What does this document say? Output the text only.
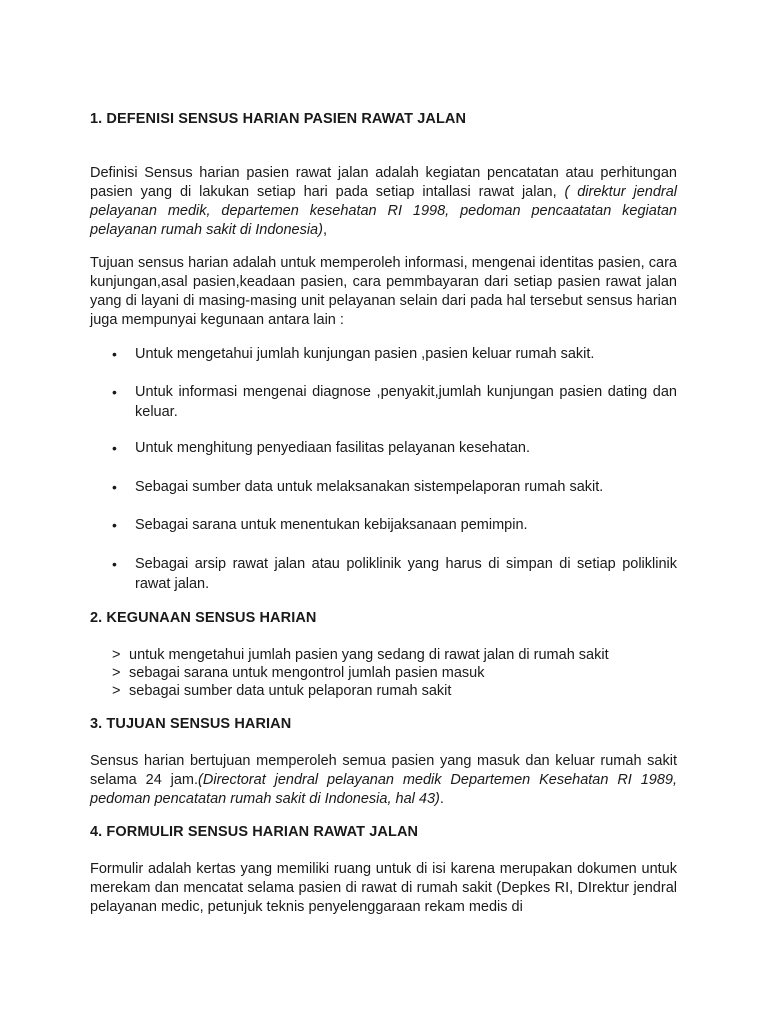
1. DEFENISI SENSUS HARIAN PASIEN RAWAT JALAN

Definisi Sensus harian pasien rawat jalan adalah kegiatan pencatatan atau perhitungan pasien yang di lakukan setiap hari pada setiap intallasi rawat jalan, ( direktur jendral pelayanan medik, departemen kesehatan RI 1998, pedoman pencaatatan kegiatan pelayanan rumah sakit di Indonesia),

Tujuan sensus harian adalah untuk memperoleh informasi, mengenai identitas pasien, cara kunjungan,asal pasien,keadaan pasien, cara pemmbayaran dari setiap pasien rawat jalan yang di layani di masing-masing unit pelayanan selain dari pada hal tersebut sensus harian juga mempunyai kegunaan antara lain :

• Untuk mengetahui jumlah kunjungan pasien ,pasien keluar rumah sakit.
• Untuk informasi mengenai diagnose ,penyakit,jumlah kunjungan pasien dating dan keluar.
• Untuk menghitung penyediaan fasilitas pelayanan kesehatan.
• Sebagai sumber data untuk melaksanakan sistempelaporan rumah sakit.
• Sebagai sarana untuk menentukan kebijaksanaan pemimpin.
• Sebagai arsip rawat jalan atau poliklinik yang harus di simpan di setiap poliklinik rawat jalan.
2. KEGUNAAN SENSUS HARIAN
> untuk mengetahui jumlah pasien yang sedang di rawat jalan di rumah sakit
> sebagai sarana untuk mengontrol jumlah pasien masuk
> sebagai sumber data untuk pelaporan rumah sakit
3. TUJUAN SENSUS HARIAN

Sensus harian bertujuan memperoleh semua pasien yang masuk dan keluar rumah sakit selama 24 jam.(Directorat jendral pelayanan medik Departemen Kesehatan RI 1989, pedoman pencatatan rumah sakit di Indonesia, hal 43).

4. FORMULIR SENSUS HARIAN RAWAT JALAN

Formulir adalah kertas yang memiliki ruang untuk di isi karena merupakan dokumen untuk merekam dan mencatat selama pasien di rawat di rumah sakit (Depkes RI, DIrektur jendral pelayanan medic, petunjuk teknis penyelenggaraan rekam medis di
